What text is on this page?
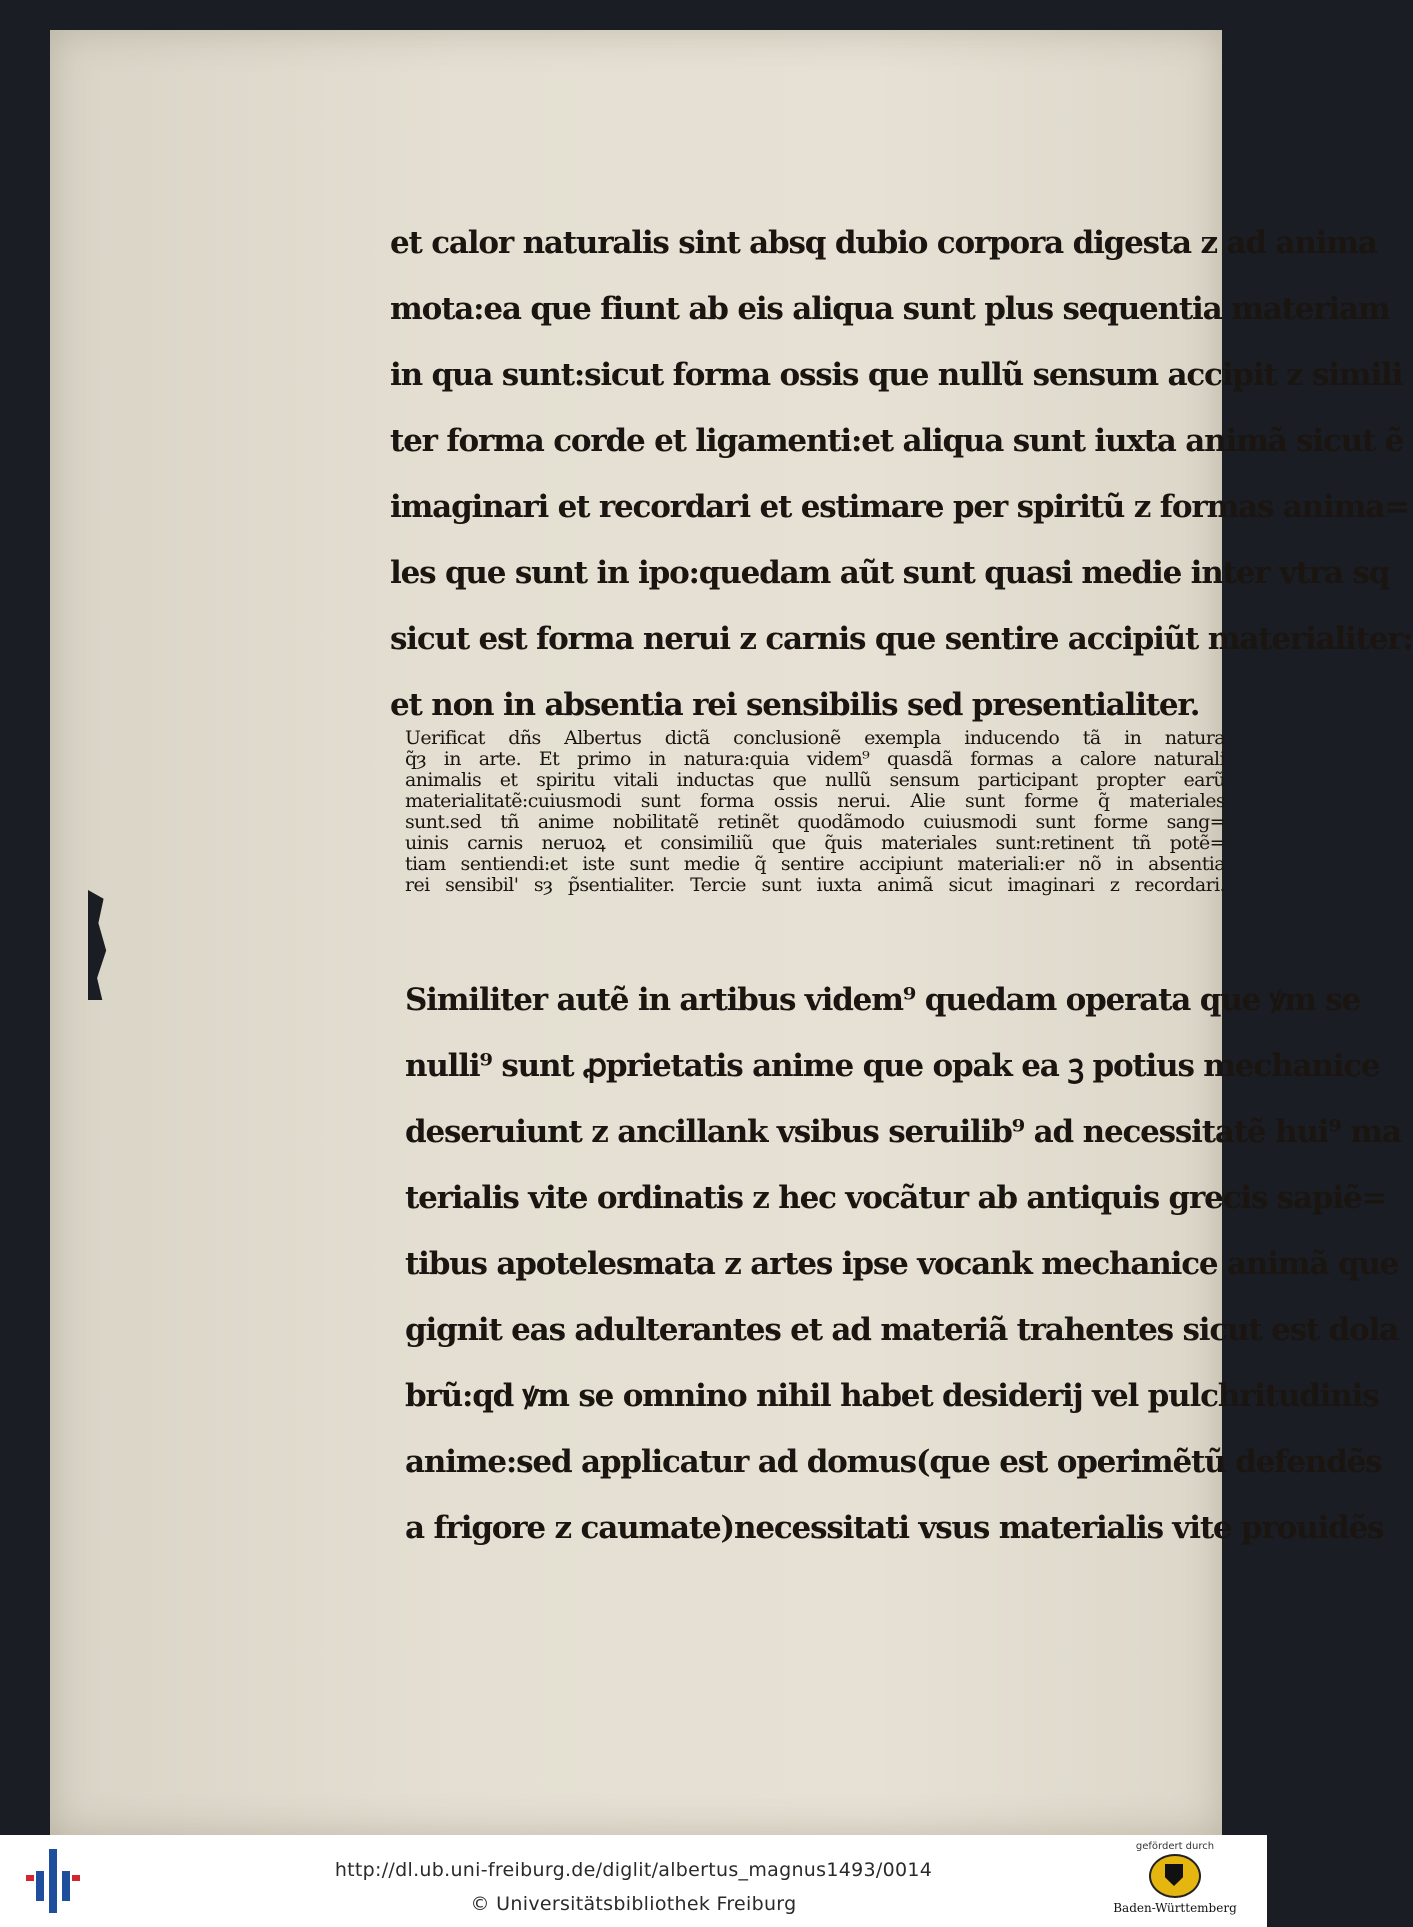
et calor naturalis sint absq dubio corpora digesta z ad anima
mota:ea que fiunt ab eis aliqua sunt plus sequentia materiam
in qua sunt:sicut forma ossis que nullũ sensum accipit z simili
ter forma corde et ligamenti:et aliqua sunt iuxta animã sicut ẽ
imaginari et recordari et estimare per spiritũ z formas anima=
les que sunt in ipo:quedam aũt sunt quasi medie inter vtra sq
sicut est forma nerui z carnis que sentire accipiũt materialiter:
et non in absentia rei sensibilis sed presentialiter.
Uerificat dñs Albertus dictã conclusionẽ exempla inducendo tã in natura
q̃ȝ in arte. Et primo in natura:quia videm⁹ quasdã formas a calore naturali
animalis et spiritu vitali inductas que nullũ sensum participant propter earũ
materialitatẽ:cuiusmodi sunt forma ossis nerui. Alie sunt forme q̃ materiales
sunt.sed tñ anime nobilitatẽ retinẽt quodãmodo cuiusmodi sunt forme sang=
uinis carnis neruoꝝ et consimiliũ que q̃uis materiales sunt:retinent tñ potẽ=
tiam sentiendi:et iste sunt medie q̃ sentire accipiunt materiali:er nõ in absentia
rei sensibil' sȝ p̃sentialiter. Tercie sunt iuxta animã sicut imaginari z recordari.
Similiter autẽ in artibus videm⁹ quedam operata que ꝟm se
nulli⁹ sunt ꝓprietatis anime que opak ea ꝫ potius mechanice
deseruiunt z ancillank vsibus seruilib⁹ ad necessitatẽ hui⁹ ma
terialis vite ordinatis z hec vocãtur ab antiquis grecis sapiẽ=
tibus apotelesmata z artes ipse vocank mechanice animã que
gignit eas adulterantes et ad materiã trahentes sicut est dola
brũ:qd ꝟm se omnino nihil habet desiderij vel pulchritudinis
anime:sed applicatur ad domus(que est operimẽtũ defendẽs
a frigore z caumate)necessitati vsus materialis vite prouidẽs
http://dl.ub.uni-freiburg.de/diglit/albertus_magnus1493/0014
© Universitätsbibliothek Freiburg
gefördert durch
Baden-Württemberg
